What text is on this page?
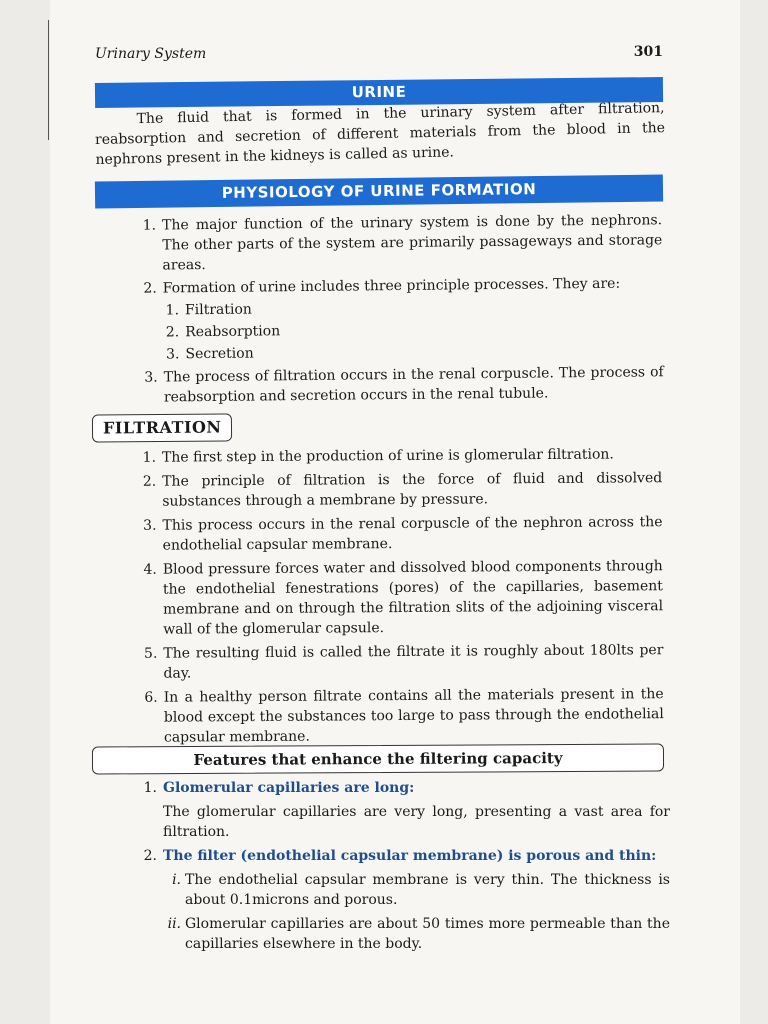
Urinary System	301
URINE

The fluid that is formed in the urinary system after filtration, reabsorption and secretion of different materials from the blood in the nephrons present in the kidneys is called as urine.

PHYSIOLOGY OF URINE FORMATION
1. The major function of the urinary system is done by the nephrons. The other parts of the system are primarily passageways and storage areas.
2. Formation of urine includes three principle processes. They are:
1. Filtration
2. Reabsorption
3. Secretion
3. The process of filtration occurs in the renal corpuscle. The process of reabsorption and secretion occurs in the renal tubule.
FILTRATION
1. The first step in the production of urine is glomerular filtration.
2. The principle of filtration is the force of fluid and dissolved substances through a membrane by pressure.
3. This process occurs in the renal corpuscle of the nephron across the endothelial capsular membrane.
4. Blood pressure forces water and dissolved blood components through the endothelial fenestrations (pores) of the capillaries, basement membrane and on through the filtration slits of the adjoining visceral wall of the glomerular capsule.
5. The resulting fluid is called the filtrate it is roughly about 180lts per day.
6. In a healthy person filtrate contains all the materials present in the blood except the substances too large to pass through the endothelial capsular membrane.
Features that enhance the filtering capacity
1. Glomerular capillaries are long:
The glomerular capillaries are very long, presenting a vast area for filtration.
2. The filter (endothelial capsular membrane) is porous and thin:
i. The endothelial capsular membrane is very thin. The thickness is about 0.1microns and porous.
ii. Glomerular capillaries are about 50 times more permeable than the capillaries elsewhere in the body.
